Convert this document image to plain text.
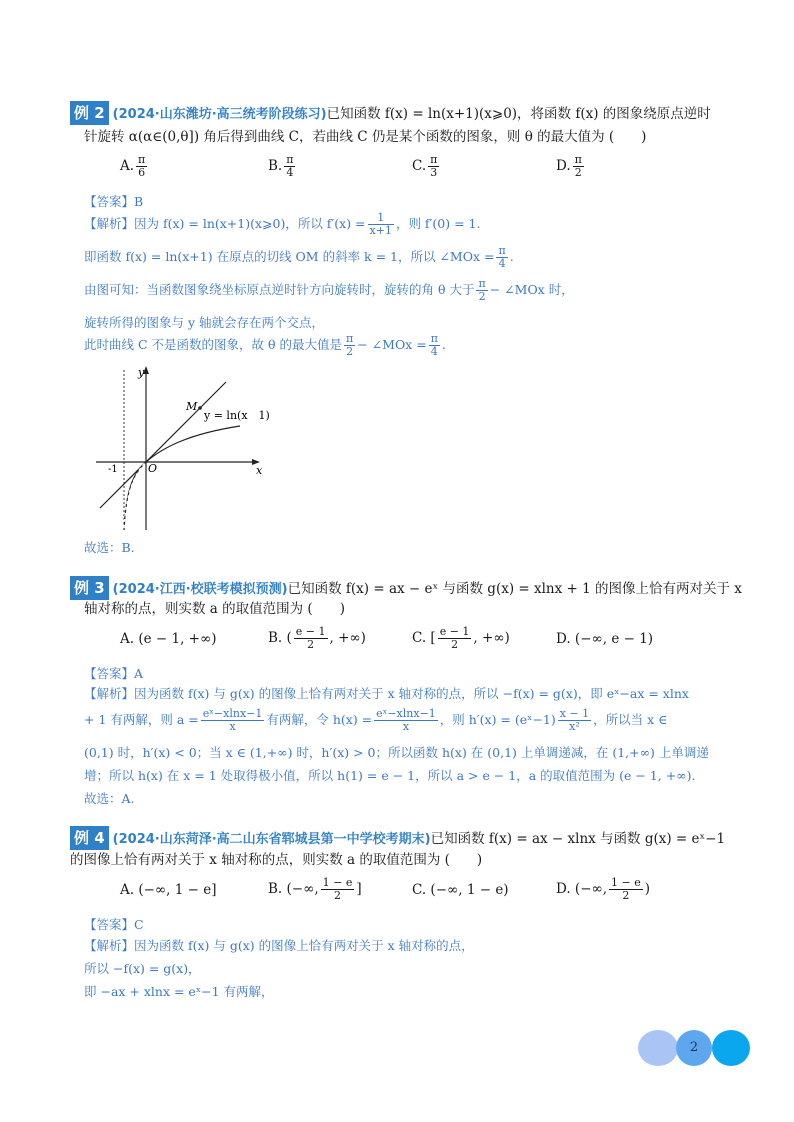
例 2 (2024·山东潍坊·高三统考阶段练习)已知函数 f(x) = ln(x+1)(x⩾0)，将函数 f(x) 的图象绕原点逆时
针旋转 α(α∈(0,θ]) 角后得到曲线 C，若曲线 C 仍是某个函数的图象，则 θ 的最大值为 (　　)
A. $\frac{\pi}{6}$	B. $\frac{\pi}{4}$	C. $\frac{\pi}{3}$	D. $\frac{\pi}{2}$
【答案】B
【解析】因为 f(x) = ln(x+1)(x⩾0)，所以 $f'(x) = \frac{1}{x+1}$ ，则 f′(0) = 1.
即函数 f(x) = ln(x+1) 在原点的切线 OM 的斜率 k = 1，所以 ∠MOx = $\frac{\pi}{4}$ .
由图可知：当函数图象绕坐标原点逆时针方向旋转时，旋转的角 θ 大于 $\frac{\pi}{2}$ − ∠MOx 时，
旋转所得的图象与 y 轴就会存在两个交点，
此时曲线 C 不是函数的图象，故 θ 的最大值是 $\frac{\pi}{2}$ − ∠MOx = $\frac{\pi}{4}$ .
y
x
O
-1
M
y = ln(x　1)
故选：B.
例 3 (2024·江西·校联考模拟预测)已知函数 f(x) = ax − eˣ 与函数 g(x) = xlnx + 1 的图像上恰有两对关于 x
轴对称的点，则实数 a 的取值范围为 (　　)
A. (e − 1, +∞)	B. ( $\frac{e - 1}{2}$ , +∞)	C. [ $\frac{e - 1}{2}$ , +∞)	D. (−∞, e − 1)
【答案】A
【解析】因为函数 f(x) 与 g(x) 的图像上恰有两对关于 x 轴对称的点，所以 −f(x) = g(x)，即 eˣ−ax = xlnx
+ 1 有两解，则 $a = \frac{\text{eˣ−xlnx−1}}{x}$ 有两解，令 $h(x) = \frac{\text{eˣ−xlnx−1}}{x}$ ，则 h′(x) = (eˣ−1) $\frac{x - 1}{\text{x²}}$ ，所以当 x ∈
(0,1) 时，h′(x) < 0；当 x ∈ (1,+∞) 时，h′(x) > 0；所以函数 h(x) 在 (0,1) 上单调递减，在 (1,+∞) 上单调递
增；所以 h(x) 在 x = 1 处取得极小值，所以 h(1) = e − 1，所以 a > e − 1，a 的取值范围为 (e − 1, +∞).
故选：A.
例 4 (2024·山东菏泽·高二山东省郓城县第一中学校考期末)已知函数 f(x) = ax − xlnx 与函数 g(x) = eˣ−1
的图像上恰有两对关于 x 轴对称的点，则实数 a 的取值范围为 (　　)
A. (−∞, 1 − e]	B. (−∞, $\frac{1 - e}{2}$ ]	C. (−∞, 1 − e)	D. (−∞, $\frac{1 - e}{2}$ )
【答案】C
【解析】因为函数 f(x) 与 g(x) 的图像上恰有两对关于 x 轴对称的点，
所以 −f(x) = g(x)，
即 −ax + xlnx = eˣ−1 有两解，
2
